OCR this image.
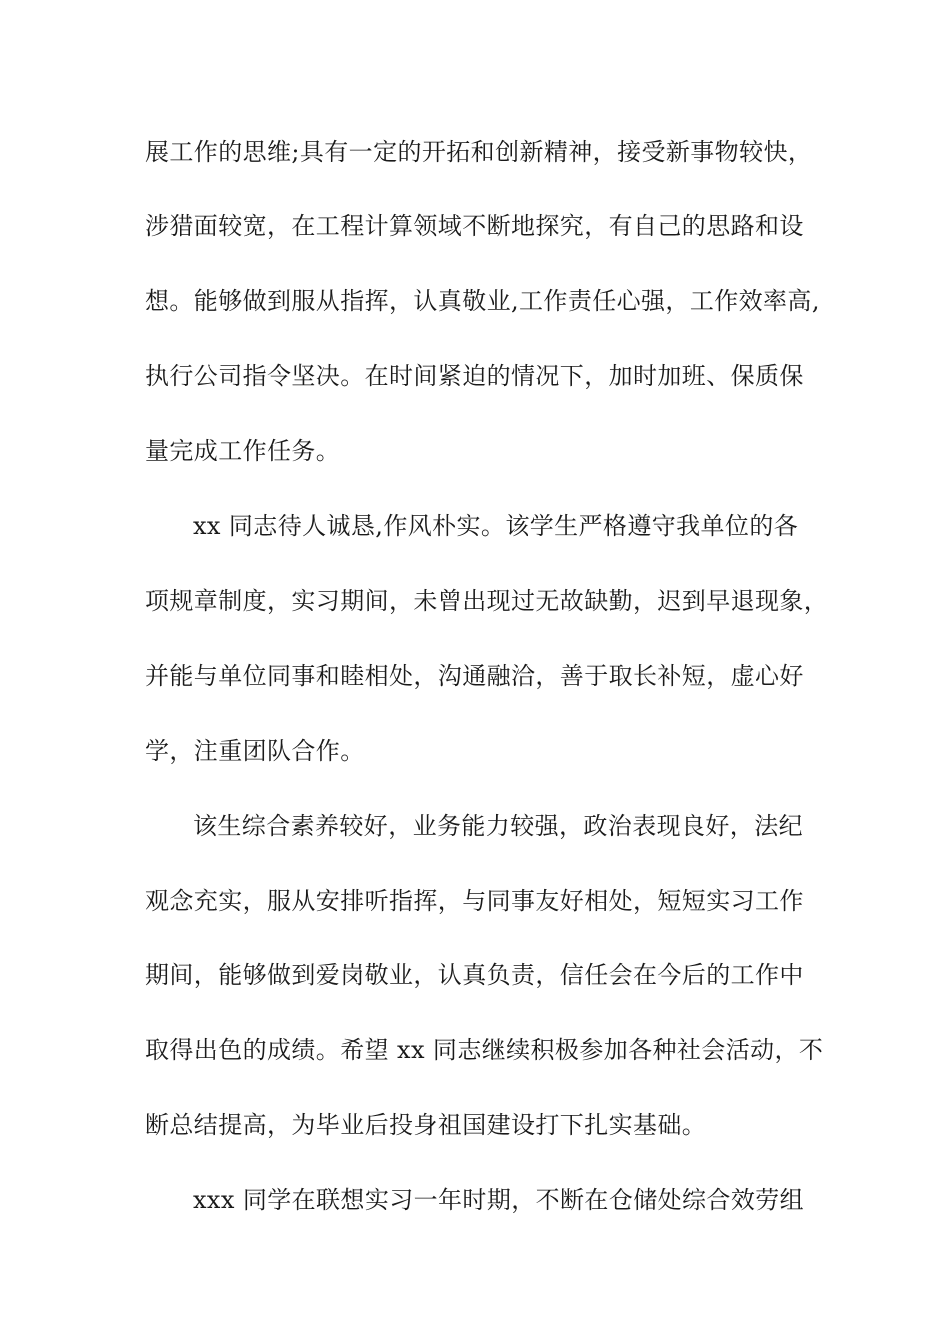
展工作的思维;具有一定的开拓和创新精神，接受新事物较快，

涉猎面较宽，在工程计算领域不断地探究，有自己的思路和设

想。能够做到服从指挥，认真敬业,工作责任心强，工作效率高,

执行公司指令坚决。在时间紧迫的情况下，加时加班、保质保

量完成工作任务。

xx 同志待人诚恳,作风朴实。该学生严格遵守我单位的各

项规章制度，实习期间，未曾出现过无故缺勤，迟到早退现象，

并能与单位同事和睦相处，沟通融洽，善于取长补短，虚心好

学，注重团队合作。

该生综合素养较好，业务能力较强，政治表现良好，法纪

观念充实，服从安排听指挥，与同事友好相处，短短实习工作

期间，能够做到爱岗敬业，认真负责，信任会在今后的工作中

取得出色的成绩。希望 xx 同志继续积极参加各种社会活动，不

断总结提高，为毕业后投身祖国建设打下扎实基础。

xxx 同学在联想实习一年时期，不断在仓储处综合效劳组
